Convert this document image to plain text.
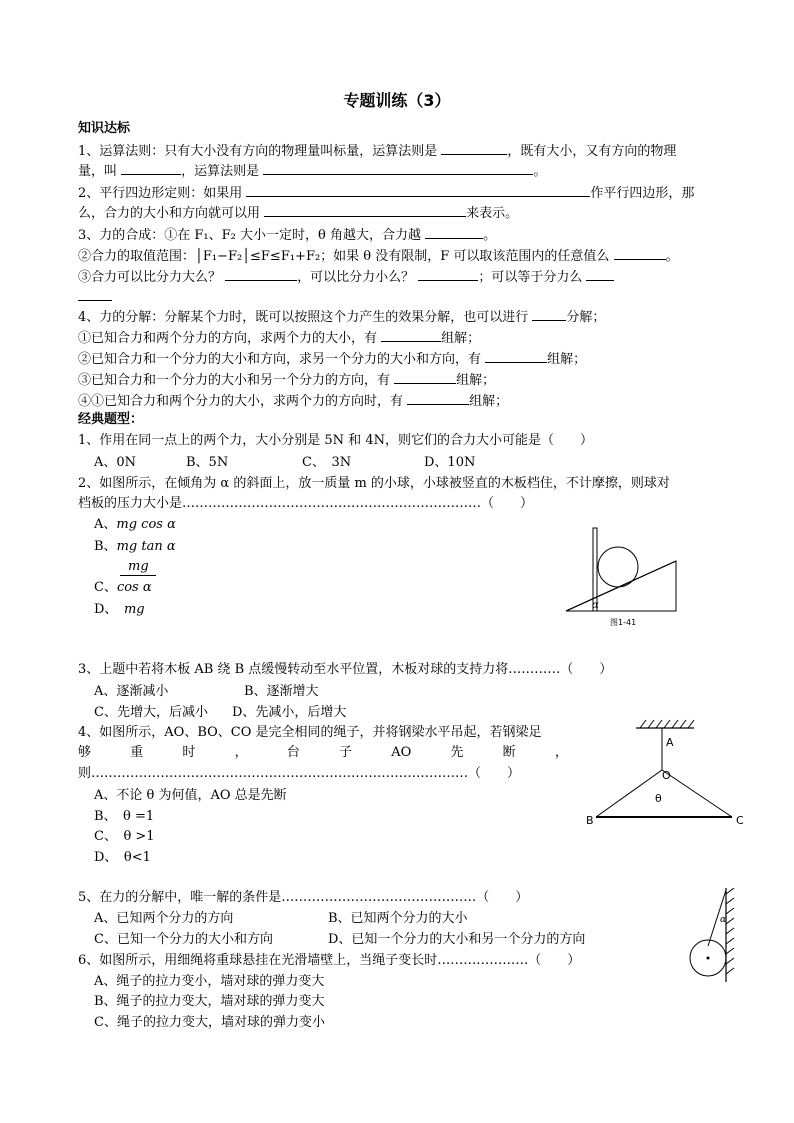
专题训练（3）
知识达标
1、运算法则：只有大小没有方向的物理量叫标量，运算法则是	，既有大小，又有方向的物理
量，叫	，运算法则是	。
2、平行四边形定则：如果用	作平行四边形，那
么，合力的大小和方向就可以用	来表示。
3、力的合成：①在 F₁、F₂ 大小一定时，θ 角越大，合力越	。
②合力的取值范围：│F₁−F₂│≤F≤F₁+F₂；如果 θ 没有限制，F 可以取该范围内的任意值么	。
③合力可以比分力大么？	，可以比分力小么？	；可以等于分力么
4、力的分解：分解某个力时，既可以按照这个力产生的效果分解，也可以进行	分解；
①已知合力和两个分力的方向，求两个力的大小，有	组解；
②已知合力和一个分力的大小和方向，求另一个分力的大小和方向，有	组解；
③已知合力和一个分力的大小和另一个分力的方向，有	组解；
④①已知合力和两个分力的大小，求两个力的方向时，有	组解；
经典题型：
1、作用在同一点上的两个力，大小分别是 5N 和 4N，则它们的合力大小可能是（　　）
A、0N	B、5N	C、　3N	D、10N
2、如图所示，在倾角为 α 的斜面上，放一质量 m 的小球，小球被竖直的木板档住，不计摩擦，则球对
档板的压力大小是……………………………………………………………（　　）
A、mg cos α
B、mg tan α
mg
C、cos α
D、　 mg	α
图1-41
3、上题中若将木板 AB 绕 B 点缓慢转动至水平位置，木板对球的支持力将…………（　　）
A、逐渐减小	B、逐渐增大
C、先增大，后减小 D、先减小，后增大
4、如图所示，AO、BO、CO 是完全相同的绳子，并将钢梁水平吊起，若钢梁足
够	重	时	，	台	子	AO	先	断	，
则……………………………………………………………………………（　　）
A、不论 θ 为何值，AO 总是先断
B、　θ =1
C、　θ >1
D、　θ<1
A
O
θ
B	C
5、在力的分解中，唯一解的条件是………………………………………（　　）
A、已知两个分力的方向	B、已知两个分力的大小
C、已知一个分力的大小和方向	D、已知一个分力的大小和另一个分力的方向
6、如图所示，用细绳将重球悬挂在光滑墙壁上，当绳子变长时…………………（　　）
A、绳子的拉力变小，墙对球的弹力变大
B、绳子的拉力变大，墙对球的弹力变大
C、绳子的拉力变大，墙对球的弹力变小
α
